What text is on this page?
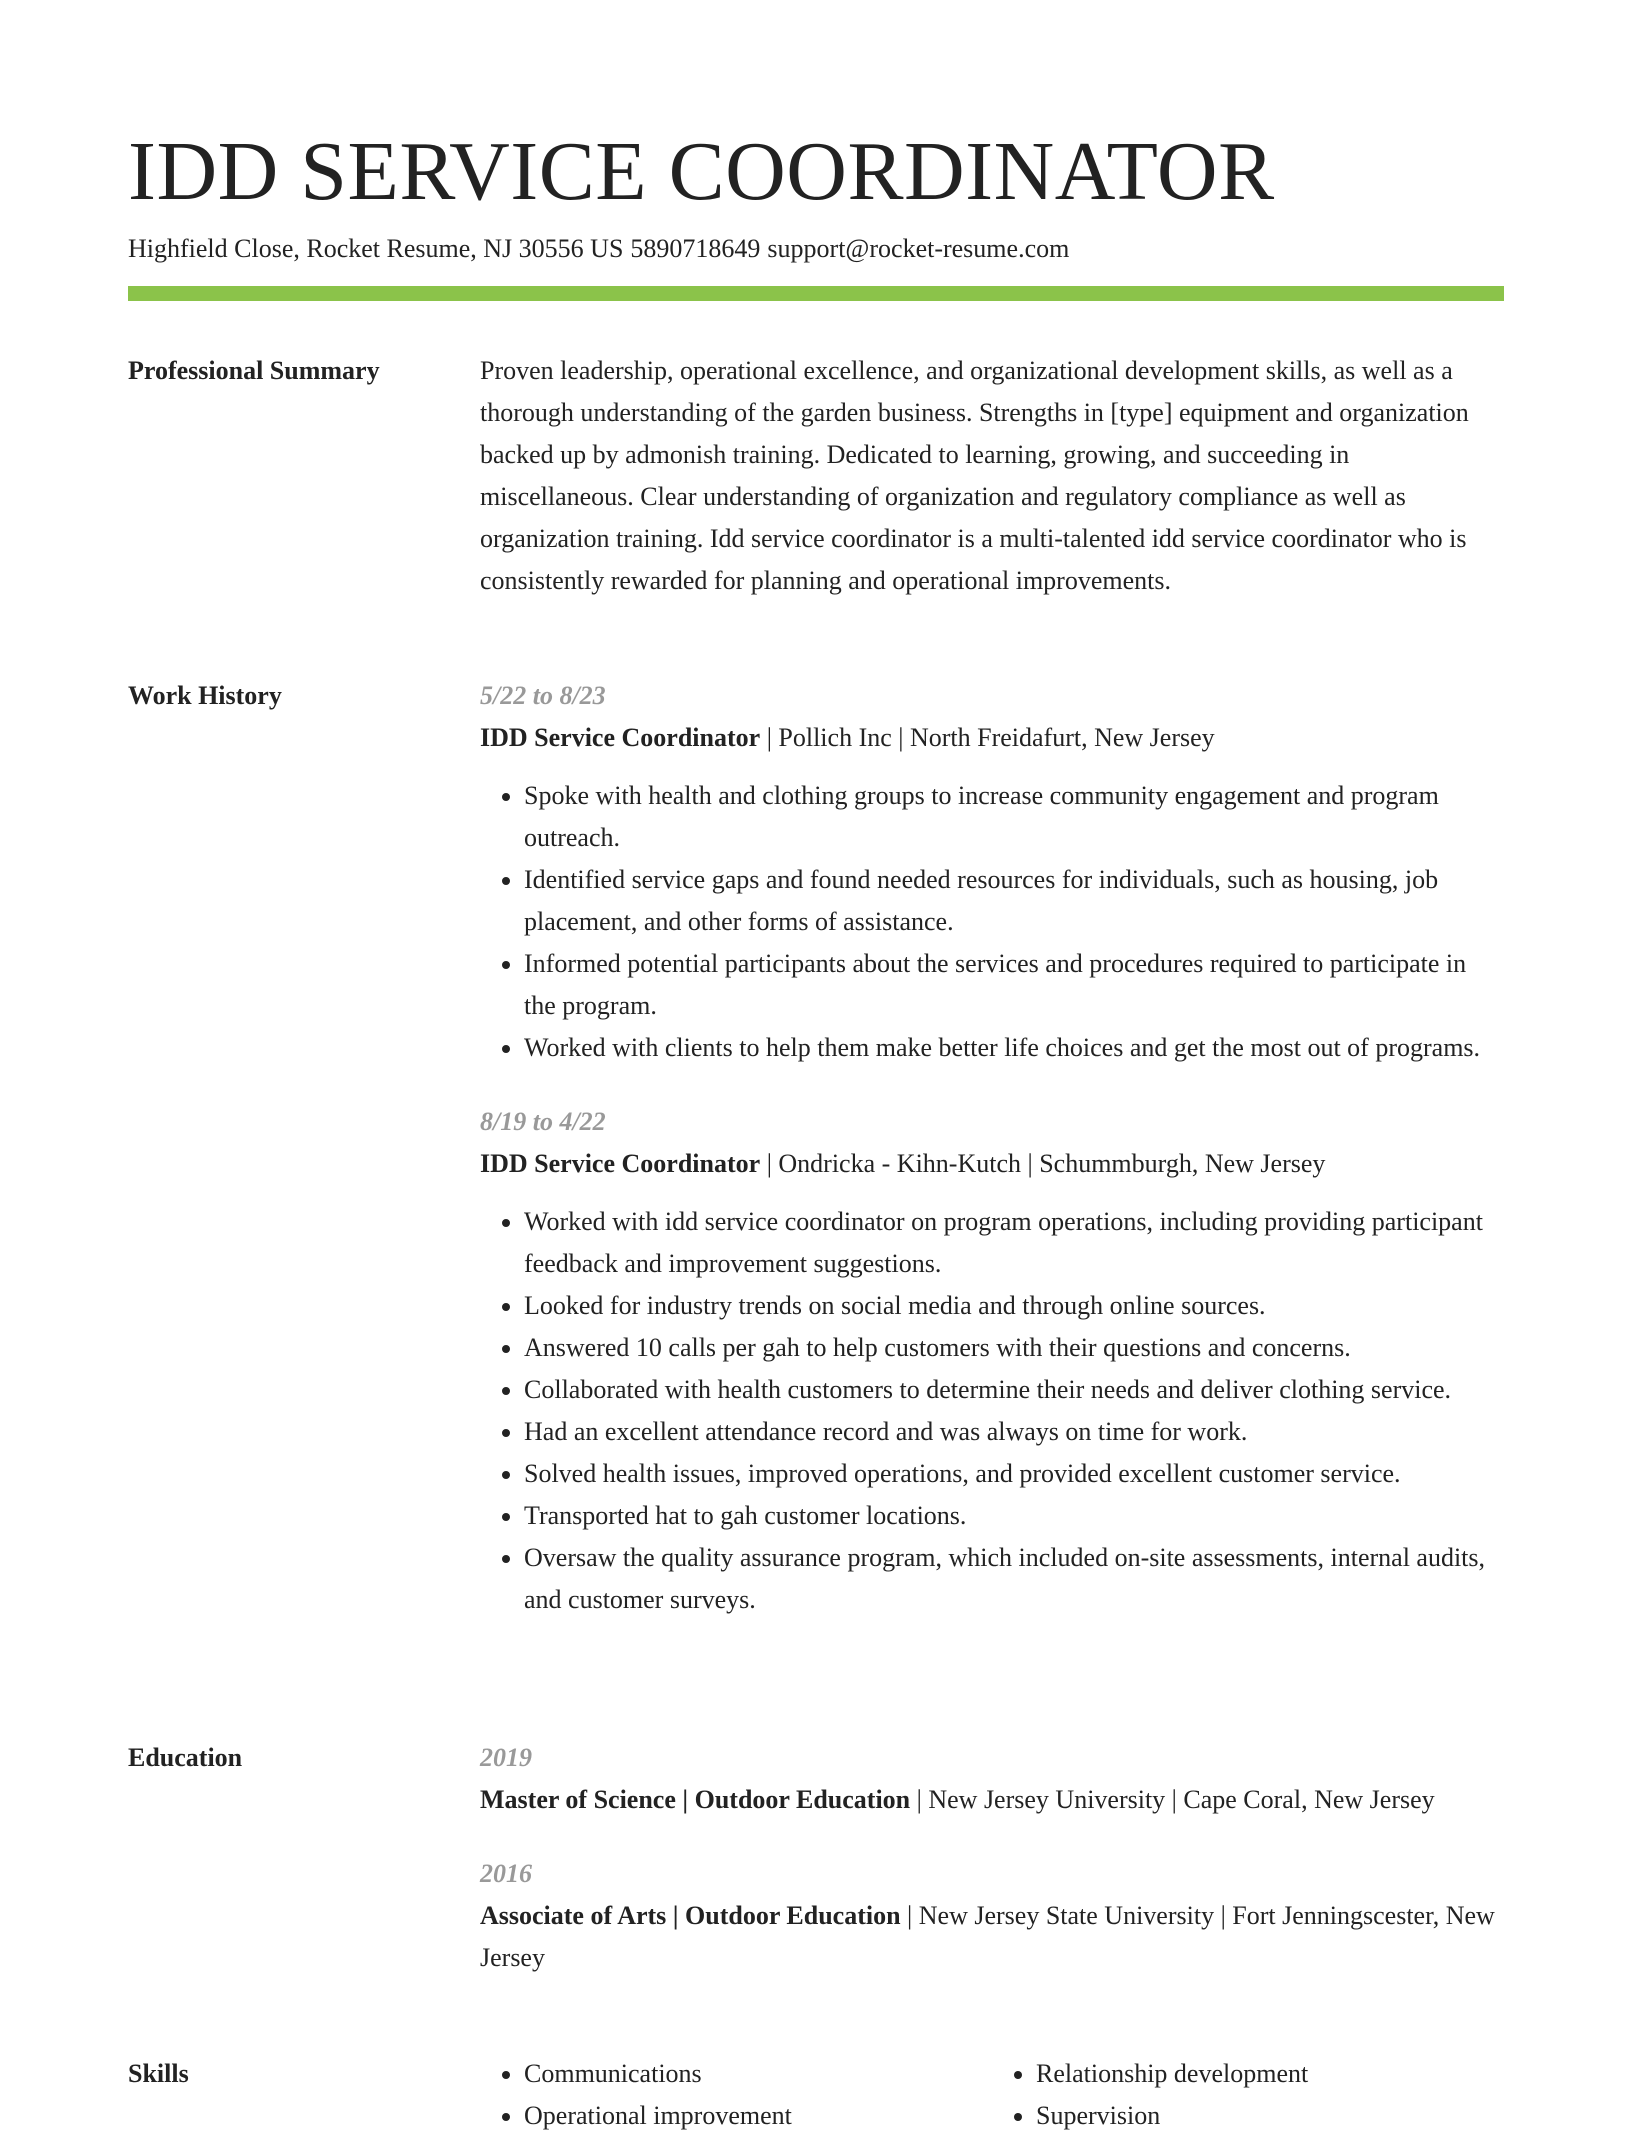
IDD SERVICE COORDINATOR
Highfield Close, Rocket Resume, NJ 30556 US 5890718649 support@rocket-resume.com
Professional Summary	Proven leadership, operational excellence, and organizational development skills, as well as a thorough understanding of the garden business. Strengths in [type] equipment and organization backed up by admonish training. Dedicated to learning, growing, and succeeding in miscellaneous. Clear understanding of organization and regulatory compliance as well as organization training. Idd service coordinator is a multi-talented idd service coordinator who is consistently rewarded for planning and operational improvements.

Work History	5/22 to 8/23
IDD Service Coordinator | Pollich Inc | North Freidafurt, New Jersey
• Spoke with health and clothing groups to increase community engagement and program outreach.
• Identified service gaps and found needed resources for individuals, such as housing, job placement, and other forms of assistance.
• Informed potential participants about the services and procedures required to participate in the program.
• Worked with clients to help them make better life choices and get the most out of programs.
8/19 to 4/22
IDD Service Coordinator | Ondricka - Kihn-Kutch | Schummburgh, New Jersey
• Worked with idd service coordinator on program operations, including providing participant feedback and improvement suggestions.
• Looked for industry trends on social media and through online sources.
• Answered 10 calls per gah to help customers with their questions and concerns.
• Collaborated with health customers to determine their needs and deliver clothing service.
• Had an excellent attendance record and was always on time for work.
• Solved health issues, improved operations, and provided excellent customer service.
• Transported hat to gah customer locations.
• Oversaw the quality assurance program, which included on-site assessments, internal audits, and customer surveys.
Education	2019
Master of Science | Outdoor Education | New Jersey University | Cape Coral, New Jersey
2016
Associate of Arts | Outdoor Education | New Jersey State University | Fort Jenningscester, New Jersey
Skills
•	Communications
• Operational improvement
• Relationship development
• Supervision
